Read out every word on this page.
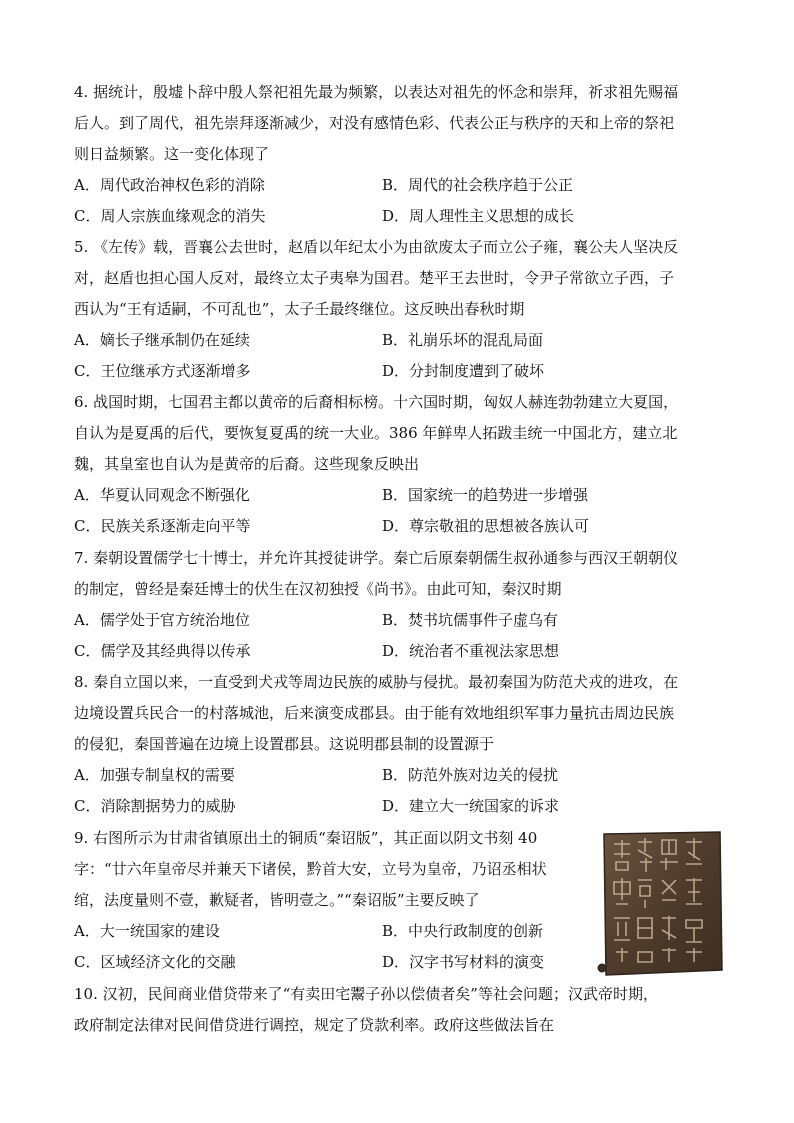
4. 据统计，殷墟卜辞中殷人祭祀祖先最为频繁，以表达对祖先的怀念和崇拜，祈求祖先赐福
后人。到了周代，祖先崇拜逐渐减少，对没有感情色彩、代表公正与秩序的天和上帝的祭祀
则日益频繁。这一变化体现了
A．周代政治神权色彩的消除	B．周代的社会秩序趋于公正
C．周人宗族血缘观念的消失	D．周人理性主义思想的成长
5. 《左传》载，晋襄公去世时，赵盾以年纪太小为由欲废太子而立公子雍，襄公夫人坚决反
对，赵盾也担心国人反对，最终立太子夷皋为国君。楚平王去世时，令尹子常欲立子西，子
西认为“王有适嗣，不可乱也”，太子壬最终继位。这反映出春秋时期
A．嫡长子继承制仍在延续	B．礼崩乐坏的混乱局面
C．王位继承方式逐渐增多	D．分封制度遭到了破坏
6. 战国时期，七国君主都以黄帝的后裔相标榜。十六国时期，匈奴人赫连勃勃建立大夏国，
自认为是夏禹的后代，要恢复夏禹的统一大业。386 年鲜卑人拓跋圭统一中国北方，建立北
魏，其皇室也自认为是黄帝的后裔。这些现象反映出
A．华夏认同观念不断强化	B．国家统一的趋势进一步增强
C．民族关系逐渐走向平等	D．尊宗敬祖的思想被各族认可
7. 秦朝设置儒学七十博士，并允许其授徒讲学。秦亡后原秦朝儒生叔孙通参与西汉王朝朝仪
的制定，曾经是秦廷博士的伏生在汉初独授《尚书》。由此可知，秦汉时期
A．儒学处于官方统治地位	B．焚书坑儒事件子虚乌有
C．儒学及其经典得以传承	D．统治者不重视法家思想
8. 秦自立国以来，一直受到犬戎等周边民族的威胁与侵扰。最初秦国为防范犬戎的进攻，在
边境设置兵民合一的村落城池，后来演变成郡县。由于能有效地组织军事力量抗击周边民族
的侵犯，秦国普遍在边境上设置郡县。这说明郡县制的设置源于
A．加强专制皇权的需要	B．防范外族对边关的侵扰
C．消除割据势力的威胁	D．建立大一统国家的诉求
9. 右图所示为甘肃省镇原出土的铜质“秦诏版”，其正面以阴文书刻 40
字：“廿六年皇帝尽并兼天下诸侯，黔首大安，立号为皇帝，乃诏丞相状
绾，法度量则不壹，歉疑者，皆明壹之。”“秦诏版”主要反映了
A．大一统国家的建设	B．中央行政制度的创新
C．区域经济文化的交融	D．汉字书写材料的演变
10. 汉初，民间商业借贷带来了“有卖田宅鬻子孙以偿债者矣”等社会问题；汉武帝时期，
政府制定法律对民间借贷进行调控，规定了贷款利率。政府这些做法旨在
